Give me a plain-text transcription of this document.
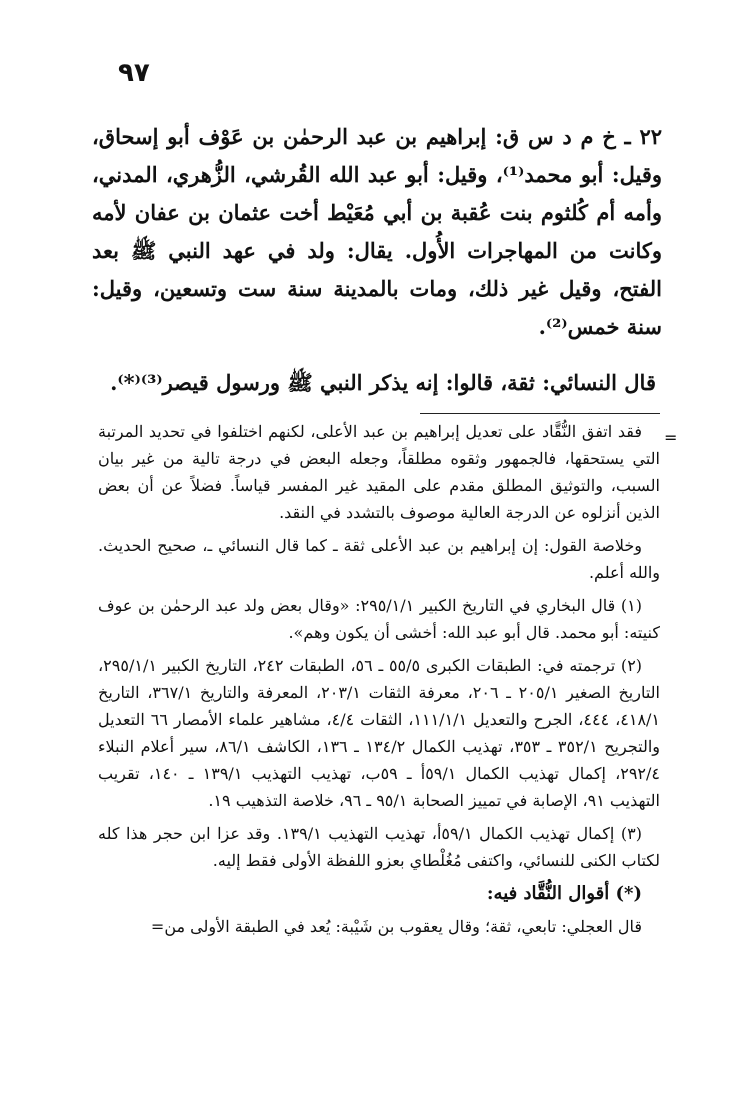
٩٧

٢٢ ـ خ م د س ق: إبراهيم بن عبد الرحمٰن بن عَوْف أبو إسحاق، وقيل: أبو محمد⁽¹⁾، وقيل: أبو عبد الله القُرشي، الزُّهري، المدني، وأمه أم كُلثوم بنت عُقبة بن أبي مُعَيْط أخت عثمان بن عفان لأمه وكانت من المهاجرات الأُول. يقال: ولد في عهد النبي ﷺ بعد الفتح، وقيل غير ذلك، ومات بالمدينة سنة ست وتسعين، وقيل: سنة خمس⁽²⁾.

قال النسائي: ثقة، قالوا: إنه يذكر النبي ﷺ ورسول قيصر⁽³⁾⁽*⁾.

=

فقد اتفق النُّقَّاد على تعديل إبراهيم بن عبد الأعلى، لكنهم اختلفوا في تحديد المرتبة التي يستحقها، فالجمهور وثقوه مطلقاً، وجعله البعض في درجة تالية من غير بيان السبب، والتوثيق المطلق مقدم على المقيد غير المفسر قياساً. فضلاً عن أن بعض الذين أنزلوه عن الدرجة العالية موصوف بالتشدد في النقد.

وخلاصة القول: إن إبراهيم بن عبد الأعلى ثقة ـ كما قال النسائي ـ، صحيح الحديث. والله أعلم.

(١) قال البخاري في التاريخ الكبير ٢٩٥/١/١: «وقال بعض ولد عبد الرحمٰن بن عوف كنيته: أبو محمد. قال أبو عبد الله: أخشى أن يكون وهم».

(٢) ترجمته في: الطبقات الكبرى ٥٥/٥ ـ ٥٦، الطبقات ٢٤٢، التاريخ الكبير ٢٩٥/١/١، التاريخ الصغير ٢٠٥/١ ـ ٢٠٦، معرفة الثقات ٢٠٣/١، المعرفة والتاريخ ٣٦٧/١، التاريخ ٤١٨/١، ٤٤٤، الجرح والتعديل ١١١/١/١، الثقات ٤/٤، مشاهير علماء الأمصار ٦٦ التعديل والتجريح ٣٥٢/١ ـ ٣٥٣، تهذيب الكمال ١٣٤/٢ ـ ١٣٦، الكاشف ٨٦/١، سير أعلام النبلاء ٢٩٢/٤، إكمال تهذيب الكمال ٥٩/١أ ـ ٥٩ب، تهذيب التهذيب ١٣٩/١ ـ ١٤٠، تقريب التهذيب ٩١، الإصابة في تمييز الصحابة ٩٥/١ ـ ٩٦، خلاصة التذهيب ١٩.

(٣) إكمال تهذيب الكمال ٥٩/١أ، تهذيب التهذيب ١٣٩/١. وقد عزا ابن حجر هذا كله لكتاب الكنى للنسائي، واكتفى مُغُلْطاي بعزو اللفظة الأولى فقط إليه.

(*) أقوال النُّقَّاد فيه:

قال العجلي: تابعي، ثقة؛ وقال يعقوب بن شَيْبة: يُعد في الطبقة الأولى من=
